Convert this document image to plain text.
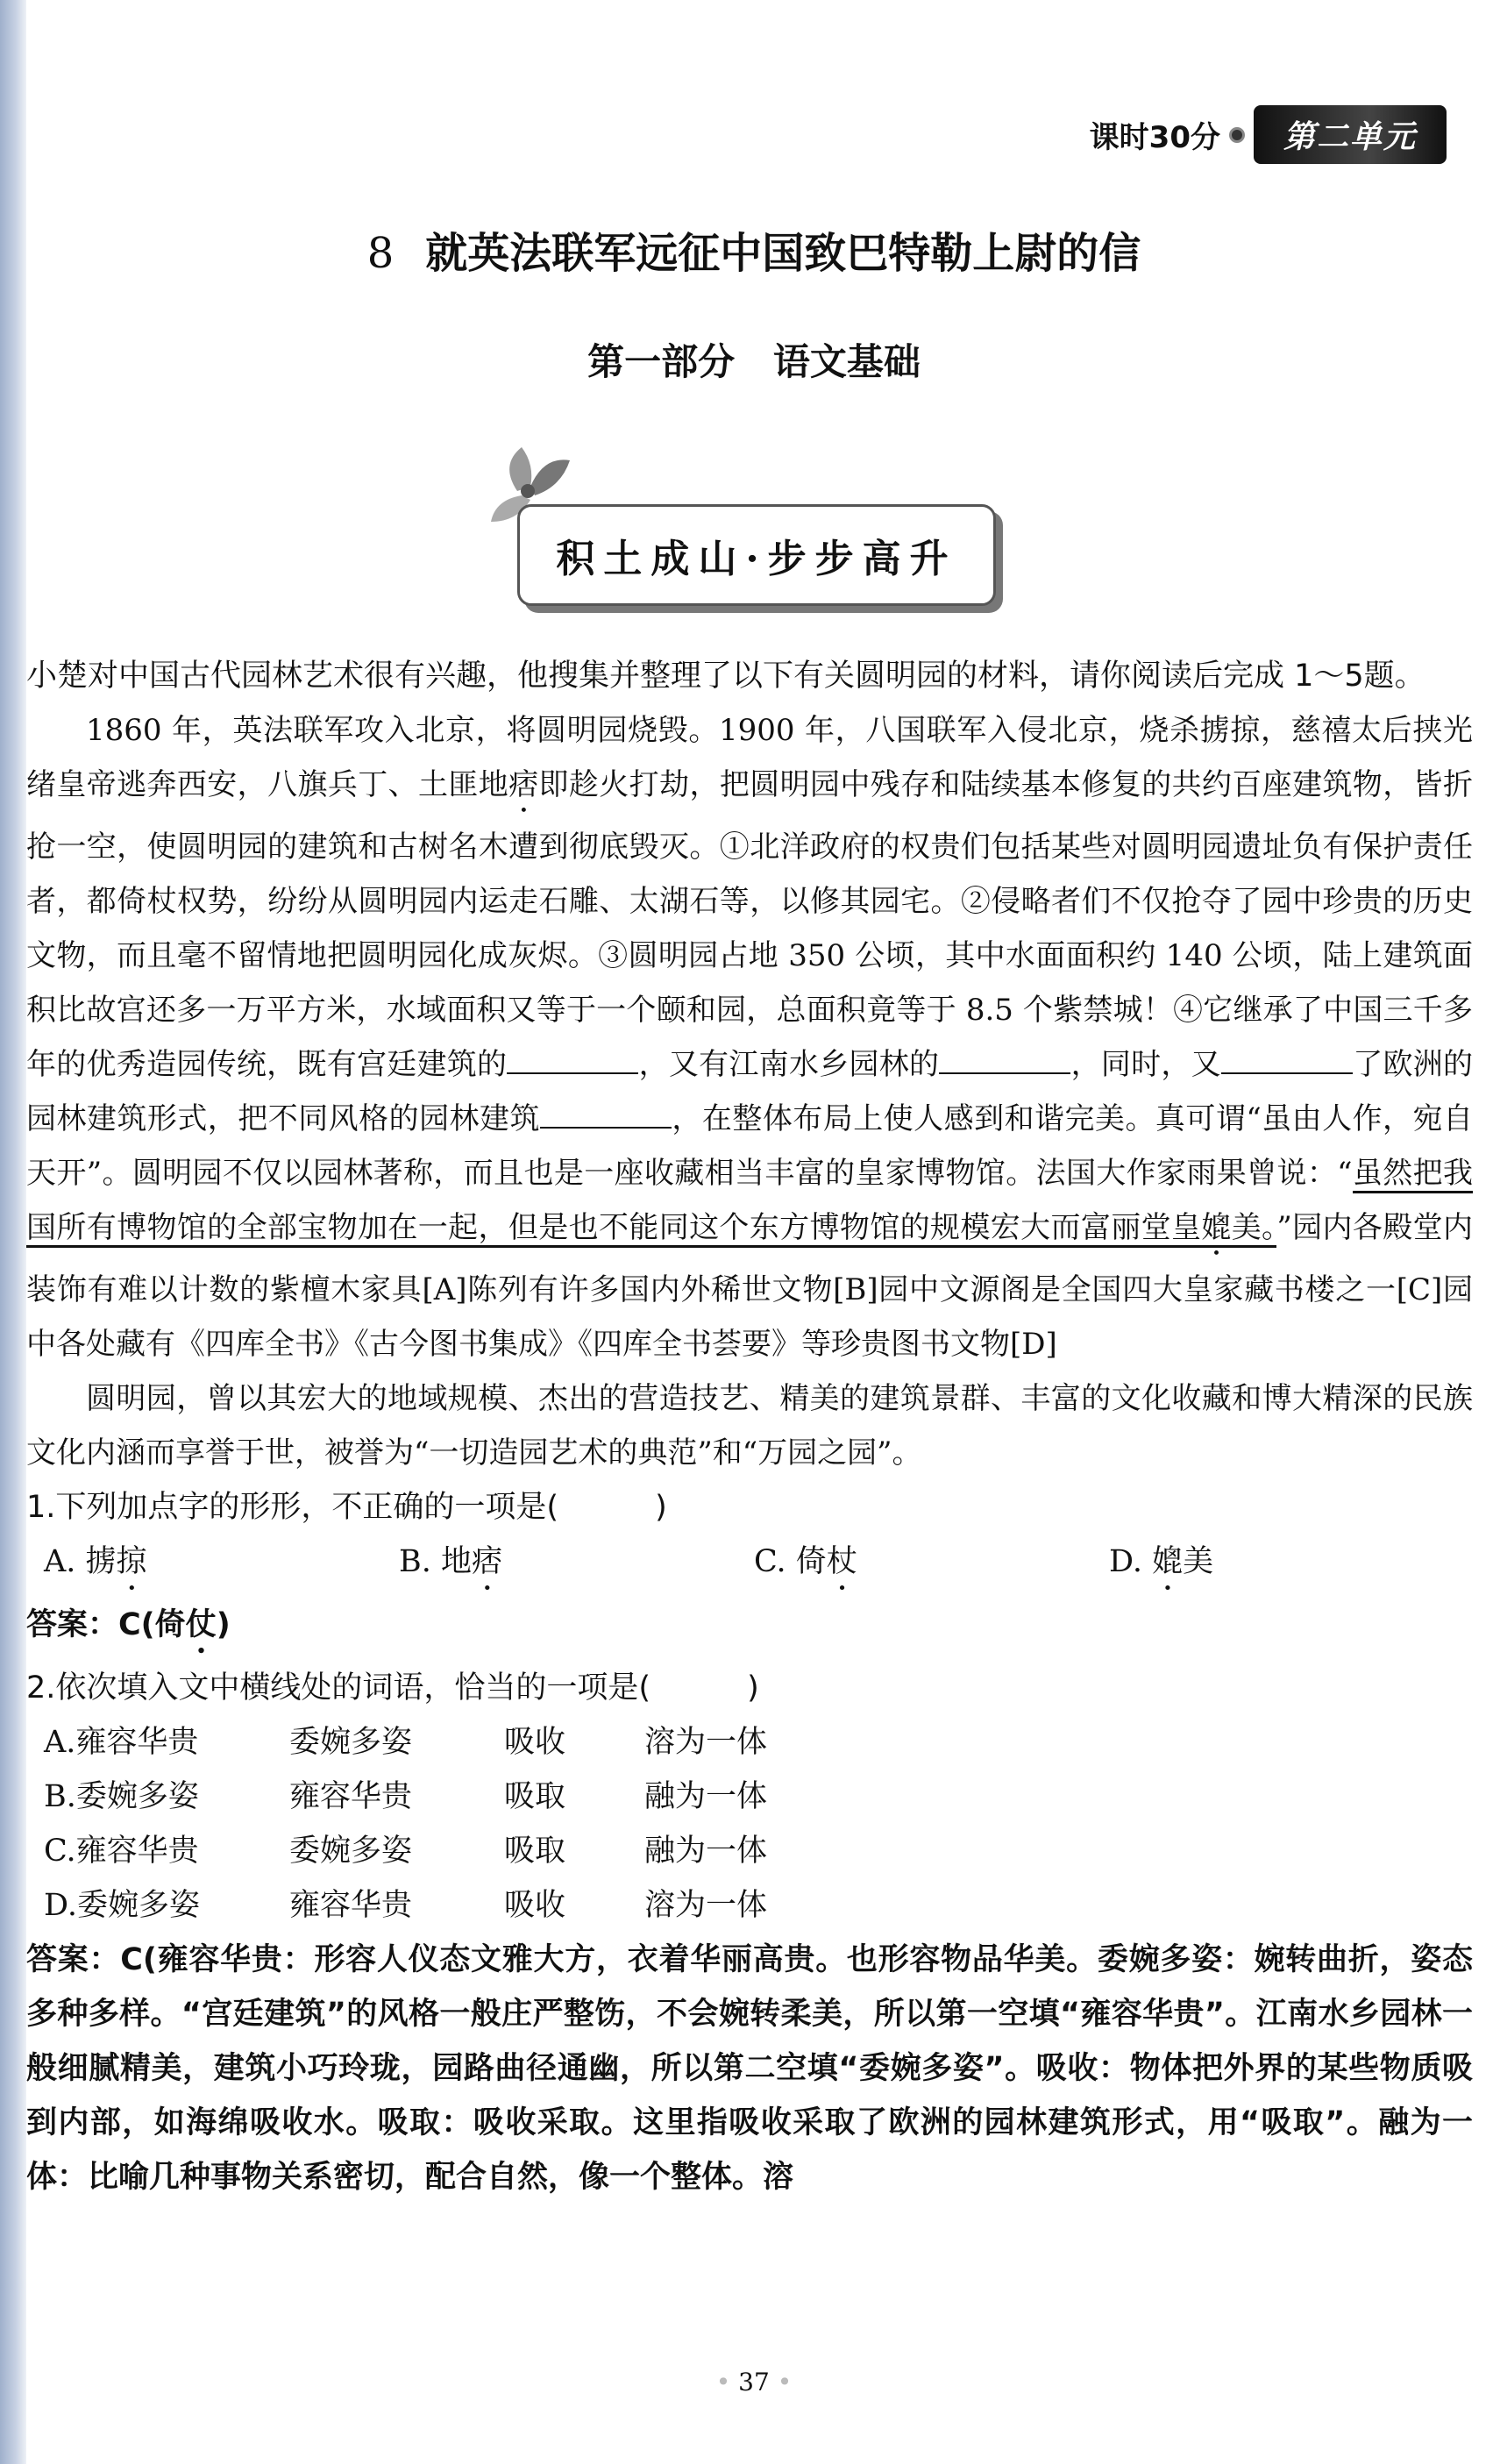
课时30分	第二单元
8 就英法联军远征中国致巴特勒上尉的信
第一部分   语文基础
积土成山·步步高升

小楚对中国古代园林艺术很有兴趣，他搜集并整理了以下有关圆明园的材料，请你阅读后完成 1～5题。

1860 年，英法联军攻入北京，将圆明园烧毁。1900 年，八国联军入侵北京，烧杀掳掠，慈禧太后挟光绪皇帝逃奔西安，八旗兵丁、土匪地痞即趁火打劫，把圆明园中残存和陆续基本修复的共约百座建筑物，皆折抢一空，使圆明园的建筑和古树名木遭到彻底毁灭。①北洋政府的权贵们包括某些对圆明园遗址负有保护责任者，都倚杖权势，纷纷从圆明园内运走石雕、太湖石等，以修其园宅。②侵略者们不仅抢夺了园中珍贵的历史文物，而且毫不留情地把圆明园化成灰烬。③圆明园占地 350 公顷，其中水面面积约 140 公顷，陆上建筑面积比故宫还多一万平方米，水域面积又等于一个颐和园，总面积竟等于 8.5 个紫禁城！④它继承了中国三千多年的优秀造园传统，既有宫廷建筑的	，又有江南水乡园林的	，同时，又	了欧洲的园林建筑形式，把不同风格的园林建筑	，在整体布局上使人感到和谐完美。真可谓“虽由人作，宛自天开”。圆明园不仅以园林著称，而且也是一座收藏相当丰富的皇家博物馆。法国大作家雨果曾说：“虽然把我国所有博物馆的全部宝物加在一起，但是也不能同这个东方博物馆的规模宏大而富丽堂皇媲美。”园内各殿堂内装饰有难以计数的紫檀木家具[A]陈列有许多国内外稀世文物[B]园中文源阁是全国四大皇家藏书楼之一[C]园中各处藏有《四库全书》《古今图书集成》《四库全书荟要》等珍贵图书文物[D]

圆明园，曾以其宏大的地域规模、杰出的营造技艺、精美的建筑景群、丰富的文化收藏和博大精深的民族文化内涵而享誉于世，被誉为“一切造园艺术的典范”和“万园之园”。

1.下列加点字的形形，不正确的一项是(	)

A. 掳掠	B. 地痞	C. 倚杖	D. 媲美

答案：C(倚仗)

2.依次填入文中横线处的词语，恰当的一项是(	)

A.雍容华贵	委婉多姿	吸收	溶为一体
B.委婉多姿	雍容华贵	吸取	融为一体
C.雍容华贵	委婉多姿	吸取	融为一体
D.委婉多姿	雍容华贵	吸收	溶为一体

答案：C(雍容华贵：形容人仪态文雅大方，衣着华丽高贵。也形容物品华美。委婉多姿：婉转曲折，姿态多种多样。“宫廷建筑”的风格一般庄严整饬，不会婉转柔美，所以第一空填“雍容华贵”。江南水乡园林一般细腻精美，建筑小巧玲珑，园路曲径通幽，所以第二空填“委婉多姿”。吸收：物体把外界的某些物质吸到内部，如海绵吸收水。吸取：吸收采取。这里指吸收采取了欧洲的园林建筑形式，用“吸取”。融为一体：比喻几种事物关系密切，配合自然，像一个整体。溶

• 37 •
